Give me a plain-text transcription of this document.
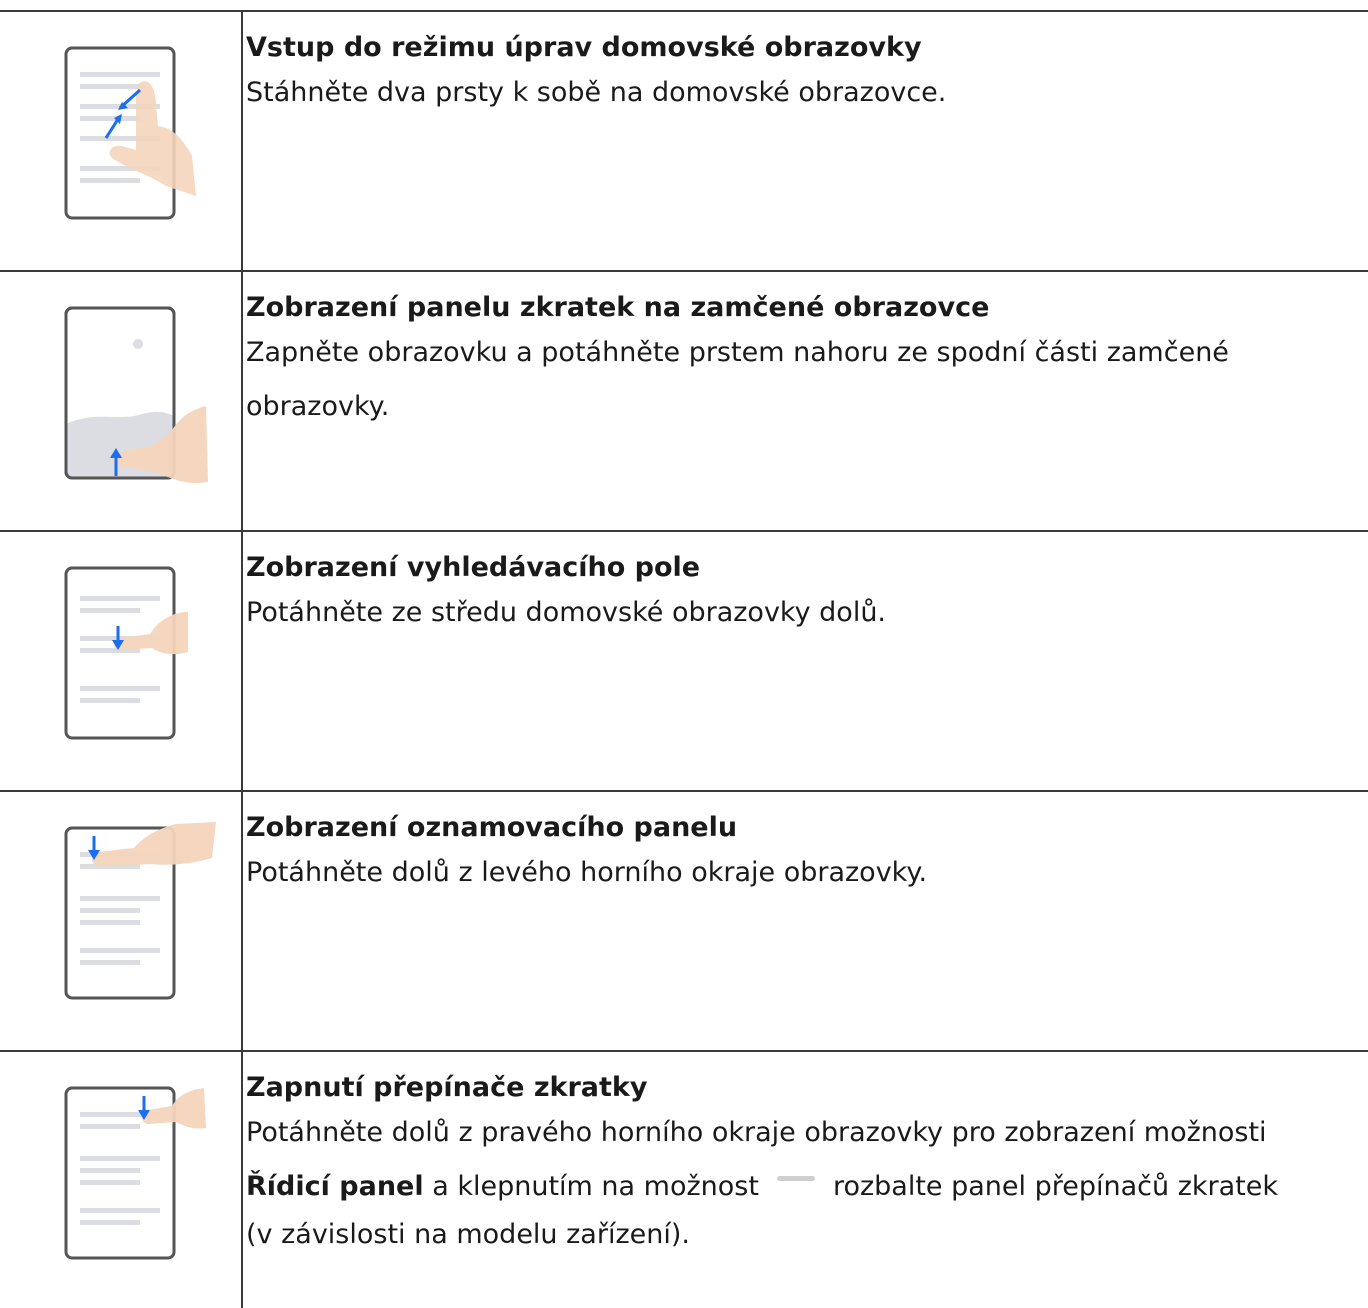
Vstup do režimu úprav domovské obrazovky

Stáhněte dva prsty k sobě na domovské obrazovce.

Zobrazení panelu zkratek na zamčené obrazovce

Zapněte obrazovku a potáhněte prstem nahoru ze spodní části zamčené obrazovky.

Zobrazení vyhledávacího pole

Potáhněte ze středu domovské obrazovky dolů.

Zobrazení oznamovacího panelu

Potáhněte dolů z levého horního okraje obrazovky.

Zapnutí přepínače zkratky

Potáhněte dolů z pravého horního okraje obrazovky pro zobrazení možnosti

Řídicí panel a klepnutím na možnost	rozbalte panel přepínačů zkratek

(v závislosti na modelu zařízení).
